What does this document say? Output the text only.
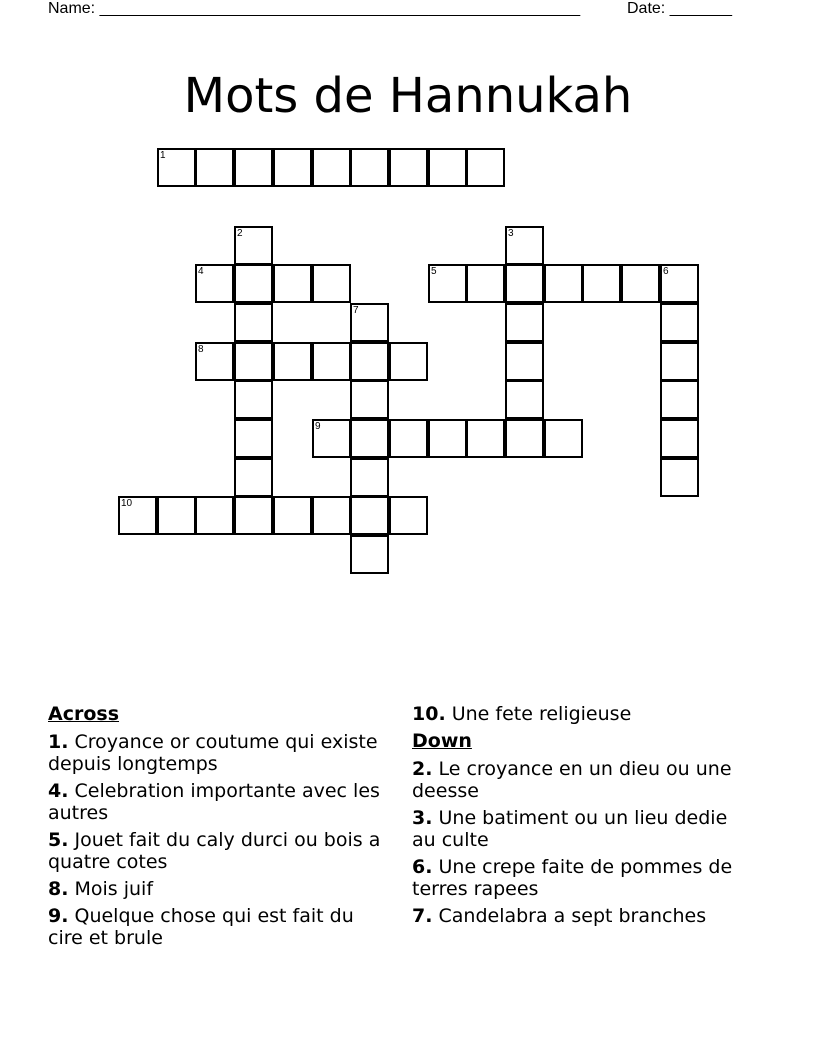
Name: ______________________________________________________	Date: _______
Mots de Hannukah
1
2	3
4	5	6
7
8
9
10
Across
1. Croyance or coutume qui existe depuis longtemps
4. Celebration importante avec les autres
5. Jouet fait du caly durci ou bois a quatre cotes
8. Mois juif
9. Quelque chose qui est fait du cire et brule
10. Une fete religieuse
Down
2. Le croyance en un dieu ou une deesse
3. Une batiment ou un lieu dedie au culte
6. Une crepe faite de pommes de terres rapees
7. Candelabra a sept branches
